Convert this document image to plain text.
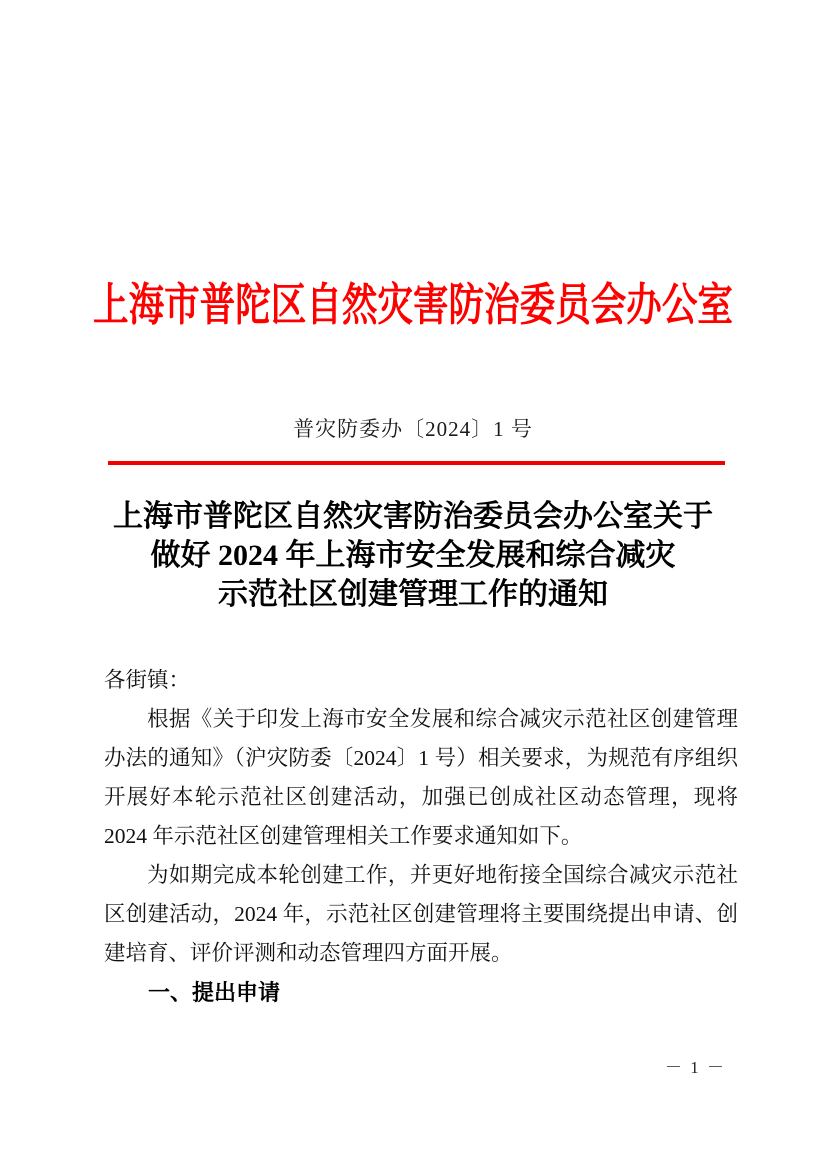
上海市普陀区自然灾害防治委员会办公室
普灾防委办〔2024〕1 号
上海市普陀区自然灾害防治委员会办公室关于
做好 2024 年上海市安全发展和综合减灾
示范社区创建管理工作的通知

各街镇：

根据《关于印发上海市安全发展和综合减灾示范社区创建管理办法的通知》（沪灾防委〔2024〕1 号）相关要求，为规范有序组织开展好本轮示范社区创建活动，加强已创成社区动态管理，现将 2024 年示范社区创建管理相关工作要求通知如下。

为如期完成本轮创建工作，并更好地衔接全国综合减灾示范社区创建活动，2024 年，示范社区创建管理将主要围绕提出申请、创建培育、评价评测和动态管理四方面开展。

一、提出申请

－ 1 －
